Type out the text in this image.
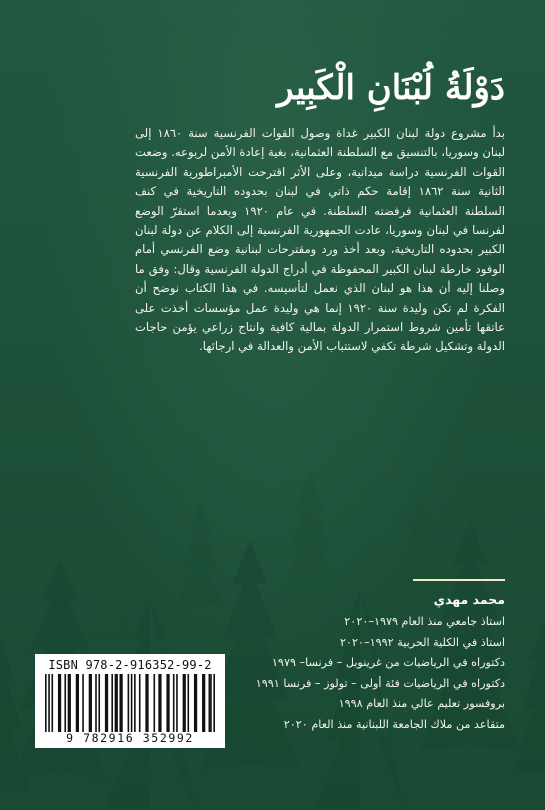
دَوْلَةُ لُبْنَانِ الْكَبِير

بدأ مشروع دولة لبنان الكبير غداة وصول القوات الفرنسية سنة ١٨٦٠ إلى لبنان وسوريا، بالتنسيق مع السلطنة العثمانية، بغية إعادة الأمن لربوعه. وضعت القوات الفرنسية دراسة ميدانية، وعلى الأثر اقترحت الأمبراطورية الفرنسية الثانية سنة ١٨٦٢ إقامة حكم ذاتي في لبنان بحدوده التاريخية في كنف السلطنة العثمانية فرفضته السلطنة. في عام ١٩٢٠ وبعدما استقرّ الوضع لفرنسا في لبنان وسوريا، عادت الجمهورية الفرنسية إلى الكلام عن دولة لبنان الكبير بحدوده التاريخية، وبعد أخذ ورد ومقترحات لبنانية وضع الفرنسي أمام الوفود خارطة لبنان الكبير المحفوظة في أدراج الدولة الفرنسية وقال: وفق ما وصلنا إليه أن هذا هو لبنان الذي نعمل لتأسيسه. في هذا الكتاب نوضح أن الفكرة لم تكن وليدة سنة ١٩٢٠ إنما هي وليدة عمل مؤسسات أخذت على عاتقها تأمين شروط استمرار الدولة بمالية كافية وانتاج زراعي يؤمن حاجات الدولة وتشكيل شرطة تكفي لاستتباب الأمن والعدالة في ارجائها.

محمد مهدي
استاذ جامعي منذ العام ١٩٧٩–٢٠٢٠
استاذ في الكلية الحربية ١٩٩٢–٢٠٢٠
دكتوراه في الرياضيات من غرينوبل – فرنسا– ١٩٧٩
دكتوراه في الرياضيات فئة أولى – تولوز – فرنسا ١٩٩١
بروفسور تعليم عالي منذ العام ١٩٩٨
متقاعد من ملاك الجامعة اللبنانية منذ العام ٢٠٢٠
ISBN 978-2-916352-99-2
9 782916 352992
